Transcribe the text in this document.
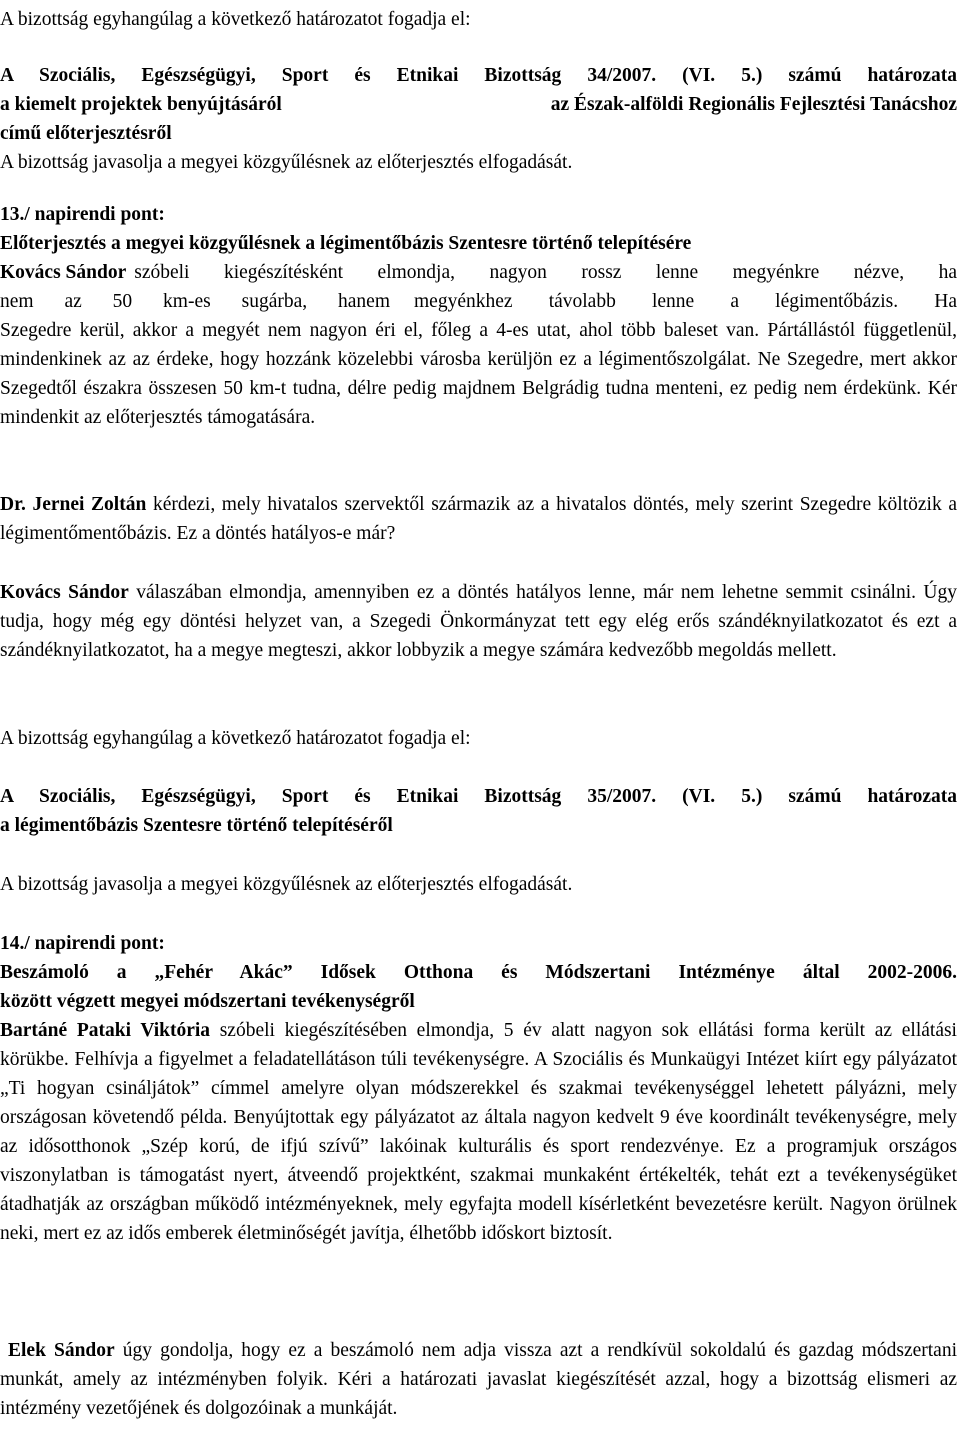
A bizottság egyhangúlag a következő határozatot fogadja el:

A Szociális, Egészségügyi, Sport és Etnikai Bizottság 34/2007. (VI. 5.) számú határozata
a kiemelt projektek benyújtásáról	az Észak-alföldi Regionális Fejlesztési Tanácshoz
című előterjesztésről
A bizottság javasolja a megyei közgyűlésnek az előterjesztés elfogadását.
13./ napirendi pont:
Előterjesztés a megyei közgyűlésnek a légimentőbázis Szentesre történő telepítésére
Kovács Sándor szóbeli kiegészítésként elmondja, nagyon rossz lenne megyénkre nézve, ha
nem az 50 km-es sugárba, hanem	megyénkhez távolabb lenne a légimentőbázis. Ha

Szegedre kerül, akkor a megyét nem nagyon éri el, főleg a 4-es utat, ahol több baleset van. Pártállástól függetlenül, mindenkinek az az érdeke, hogy hozzánk közelebbi városba kerüljön ez a légimentőszolgálat. Ne Szegedre, mert akkor Szegedtől északra összesen 50 km-t tudna, délre pedig majdnem Belgrádig tudna menteni, ez pedig nem érdekünk. Kér mindenkit az előterjesztés támogatására.

Dr. Jernei Zoltán kérdezi, mely hivatalos szervektől származik az a hivatalos döntés, mely szerint Szegedre költözik a légimentőmentőbázis. Ez a döntés hatályos-e már?

Kovács Sándor válaszában elmondja, amennyiben ez a döntés hatályos lenne, már nem lehetne semmit csinálni. Úgy tudja, hogy még egy döntési helyzet van, a Szegedi Önkormányzat tett egy elég erős szándéknyilatkozatot és ezt a szándéknyilatkozatot, ha a megye megteszi, akkor lobbyzik a megye számára kedvezőbb megoldás mellett.

A bizottság egyhangúlag a következő határozatot fogadja el:

A Szociális, Egészségügyi, Sport és Etnikai Bizottság 35/2007. (VI. 5.) számú határozata
a légimentőbázis Szentesre történő telepítéséről

A bizottság javasolja a megyei közgyűlésnek az előterjesztés elfogadását.

14./ napirendi pont:
Beszámoló a „Fehér Akác” Idősek Otthona és Módszertani Intézménye által 2002-2006.
között végzett megyei módszertani tevékenységről

Bartáné Pataki Viktória szóbeli kiegészítésében elmondja, 5 év alatt nagyon sok ellátási forma került az ellátási körükbe. Felhívja a figyelmet a feladatellátáson túli tevékenységre. A Szociális és Munkaügyi Intézet kiírt egy pályázatot „Ti hogyan csináljátok” címmel amelyre olyan módszerekkel és szakmai tevékenységgel lehetett pályázni, mely országosan követendő példa. Benyújtottak egy pályázatot az általa nagyon kedvelt 9 éve koordinált tevékenységre, mely az idősotthonok „Szép korú, de ifjú szívű” lakóinak kulturális és sport rendezvénye. Ez a programjuk országos viszonylatban is támogatást nyert, átveendő projektként, szakmai munkaként értékelték, tehát ezt a tevékenységüket átadhatják az országban működő intézményeknek, mely egyfajta modell kísérletként bevezetésre került. Nagyon örülnek neki, mert ez az idős emberek életminőségét javítja, élhetőbb időskort biztosít.

Elek Sándor úgy gondolja, hogy ez a beszámoló nem adja vissza azt a rendkívül sokoldalú és gazdag módszertani munkát, amely az intézményben folyik. Kéri a határozati javaslat kiegészítését azzal, hogy a bizottság elismeri az intézmény vezetőjének és dolgozóinak a munkáját.
